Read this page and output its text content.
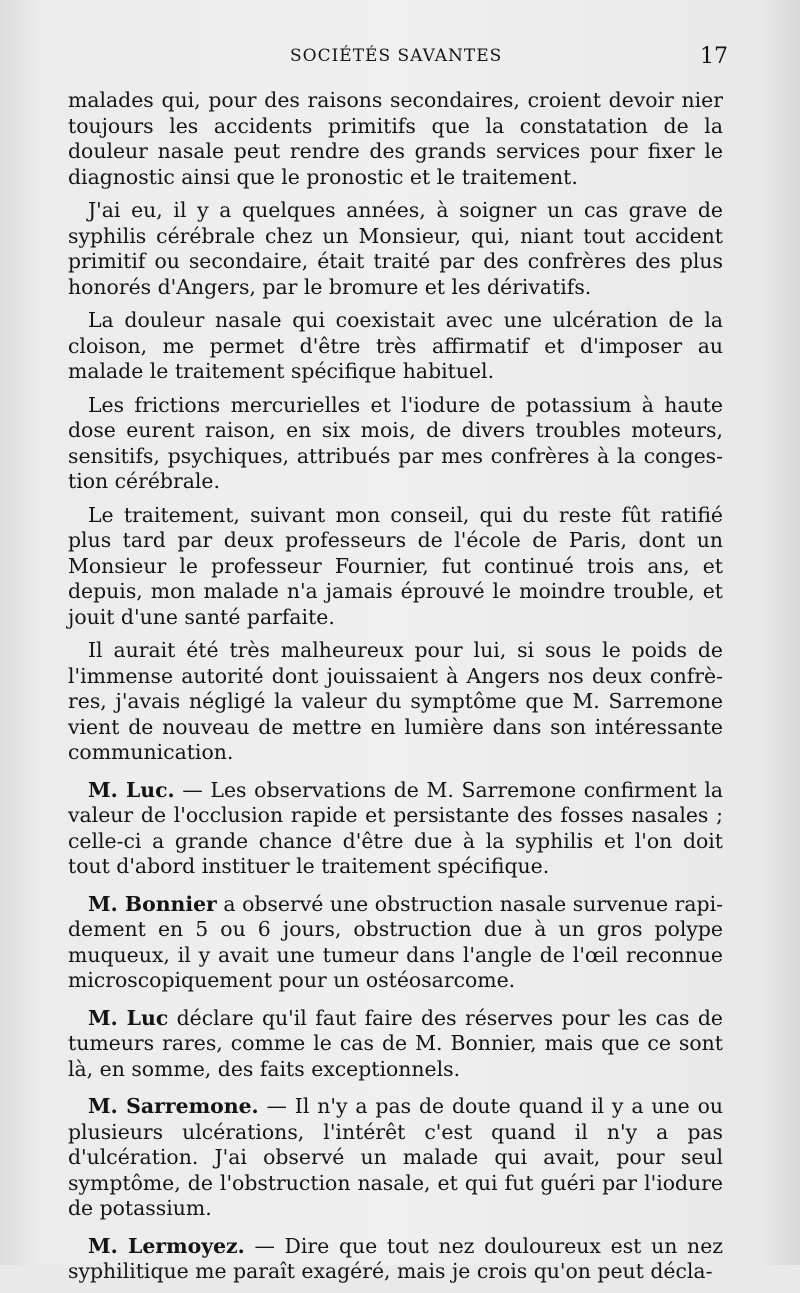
SOCIÉTÉS SAVANTES	17

malades qui, pour des raisons secondaires, croient devoir nier toujours les accidents primitifs que la constatation de la douleur nasale peut rendre des grands services pour fixer le diagnostic ainsi que le pronostic et le traitement.

J'ai eu, il y a quelques années, à soigner un cas grave de syphilis cérébrale chez un Monsieur, qui, niant tout accident primitif ou secondaire, était traité par des confrères des plus honorés d'Angers, par le bromure et les dérivatifs.

La douleur nasale qui coexistait avec une ulcération de la cloison, me permet d'être très affirmatif et d'imposer au malade le traitement spécifique habituel.

Les frictions mercurielles et l'iodure de potassium à haute dose eurent raison, en six mois, de divers troubles moteurs, sensitifs, psychiques, attribués par mes confrères à la conges-tion cérébrale.

Le traitement, suivant mon conseil, qui du reste fût ratifié plus tard par deux professeurs de l'école de Paris, dont un Monsieur le professeur Fournier, fut continué trois ans, et depuis, mon malade n'a jamais éprouvé le moindre trouble, et jouit d'une santé parfaite.

Il aurait été très malheureux pour lui, si sous le poids de l'immense autorité dont jouissaient à Angers nos deux confrè-res, j'avais négligé la valeur du symptôme que M. Sarremone vient de nouveau de mettre en lumière dans son intéressante communication.

M. Luc. — Les observations de M. Sarremone confirment la valeur de l'occlusion rapide et persistante des fosses nasales ; celle-ci a grande chance d'être due à la syphilis et l'on doit tout d'abord instituer le traitement spécifique.

M. Bonnier a observé une obstruction nasale survenue rapi-dement en 5 ou 6 jours, obstruction due à un gros polype muqueux, il y avait une tumeur dans l'angle de l'œil reconnue microscopiquement pour un ostéosarcome.

M. Luc déclare qu'il faut faire des réserves pour les cas de tumeurs rares, comme le cas de M. Bonnier, mais que ce sont là, en somme, des faits exceptionnels.

M. Sarremone. — Il n'y a pas de doute quand il y a une ou plusieurs ulcérations, l'intérêt c'est quand il n'y a pas d'ulcération. J'ai observé un malade qui avait, pour seul symptôme, de l'obstruction nasale, et qui fut guéri par l'iodure de potassium.

M. Lermoyez. — Dire que tout nez douloureux est un nez syphilitique me paraît exagéré, mais je crois qu'on peut décla-
